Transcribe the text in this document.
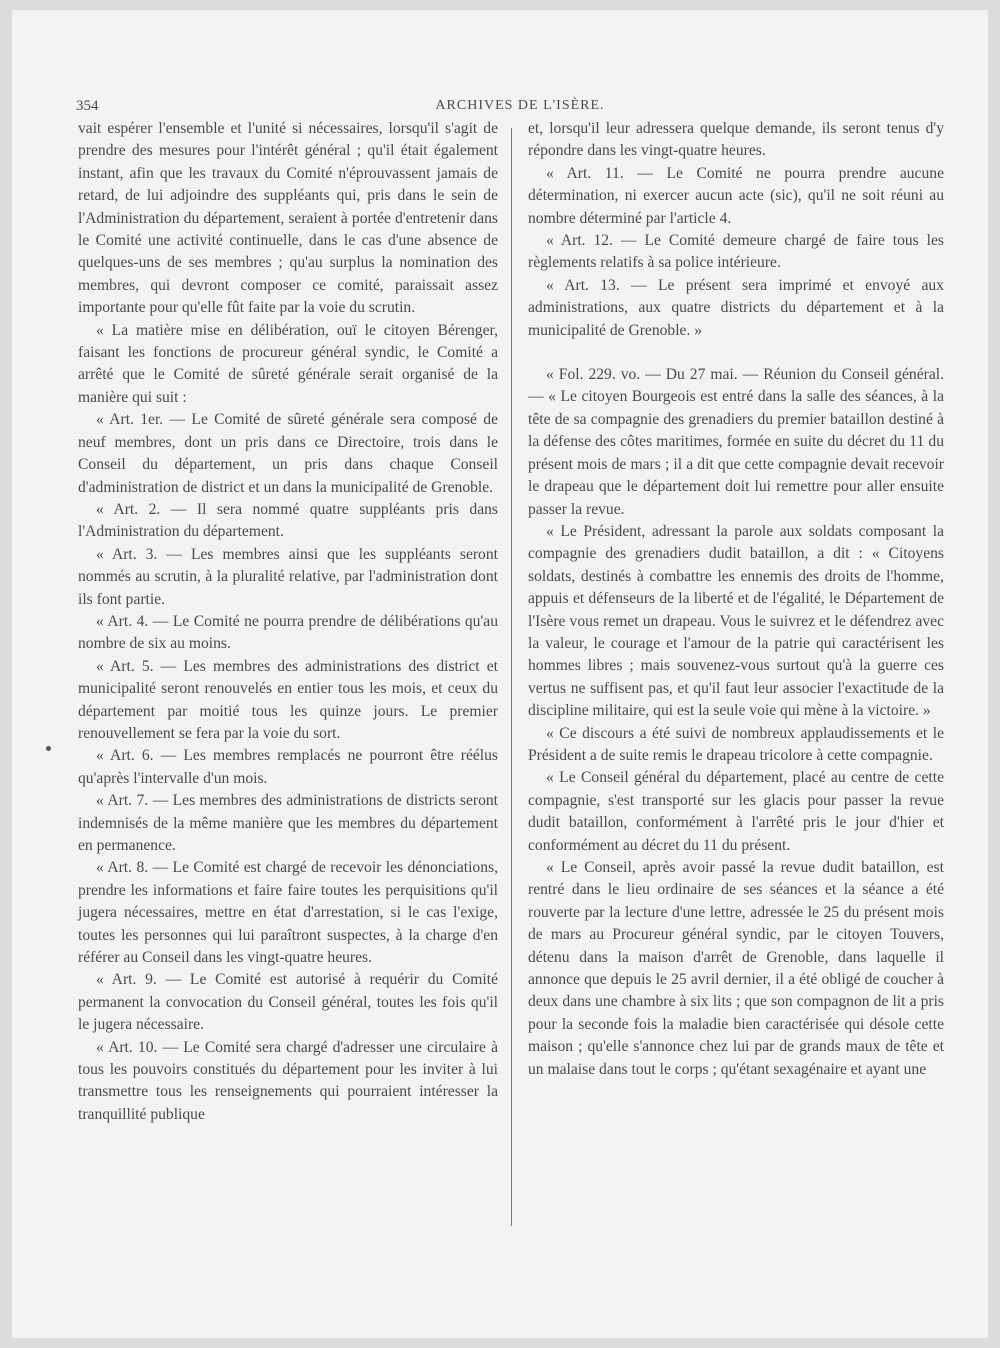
354	ARCHIVES DE L'ISÈRE.

vait espérer l'ensemble et l'unité si nécessaires, lorsqu'il s'agit de prendre des mesures pour l'intérêt général ; qu'il était également instant, afin que les travaux du Comité n'éprouvassent jamais de retard, de lui adjoindre des suppléants qui, pris dans le sein de l'Administration du département, seraient à portée d'entretenir dans le Comité une activité continuelle, dans le cas d'une absence de quelques-uns de ses membres ; qu'au surplus la nomination des membres, qui devront composer ce comité, paraissait assez importante pour qu'elle fût faite par la voie du scrutin.

« La matière mise en délibération, ouï le citoyen Bérenger, faisant les fonctions de procureur général syndic, le Comité a arrêté que le Comité de sûreté générale serait organisé de la manière qui suit :

« Art. 1er. — Le Comité de sûreté générale sera composé de neuf membres, dont un pris dans ce Directoire, trois dans le Conseil du département, un pris dans chaque Conseil d'administration de district et un dans la municipalité de Grenoble.

« Art. 2. — Il sera nommé quatre suppléants pris dans l'Administration du département.

« Art. 3. — Les membres ainsi que les suppléants seront nommés au scrutin, à la pluralité relative, par l'administration dont ils font partie.

« Art. 4. — Le Comité ne pourra prendre de délibérations qu'au nombre de six au moins.

« Art. 5. — Les membres des administrations des district et municipalité seront renouvelés en entier tous les mois, et ceux du département par moitié tous les quinze jours. Le premier renouvellement se fera par la voie du sort.

« Art. 6. — Les membres remplacés ne pourront être réélus qu'après l'intervalle d'un mois.

« Art. 7. — Les membres des administrations de districts seront indemnisés de la même manière que les membres du département en permanence.

« Art. 8. — Le Comité est chargé de recevoir les dénonciations, prendre les informations et faire faire toutes les perquisitions qu'il jugera nécessaires, mettre en état d'arrestation, si le cas l'exige, toutes les personnes qui lui paraîtront suspectes, à la charge d'en référer au Conseil dans les vingt-quatre heures.

« Art. 9. — Le Comité est autorisé à requérir du Comité permanent la convocation du Conseil général, toutes les fois qu'il le jugera nécessaire.

« Art. 10. — Le Comité sera chargé d'adresser une circulaire à tous les pouvoirs constitués du département pour les inviter à lui transmettre tous les renseignements qui pourraient intéresser la tranquillité publique

et, lorsqu'il leur adressera quelque demande, ils seront tenus d'y répondre dans les vingt-quatre heures.

« Art. 11. — Le Comité ne pourra prendre aucune détermination, ni exercer aucun acte (sic), qu'il ne soit réuni au nombre déterminé par l'article 4.

« Art. 12. — Le Comité demeure chargé de faire tous les règlements relatifs à sa police intérieure.

« Art. 13. — Le présent sera imprimé et envoyé aux administrations, aux quatre districts du département et à la municipalité de Grenoble. »

« Fol. 229. vo. — Du 27 mai. — Réunion du Conseil général. — « Le citoyen Bourgeois est entré dans la salle des séances, à la tête de sa compagnie des grenadiers du premier bataillon destiné à la défense des côtes maritimes, formée en suite du décret du 11 du présent mois de mars ; il a dit que cette compagnie devait recevoir le drapeau que le département doit lui remettre pour aller ensuite passer la revue.

« Le Président, adressant la parole aux soldats composant la compagnie des grenadiers dudit bataillon, a dit : « Citoyens soldats, destinés à combattre les ennemis des droits de l'homme, appuis et défenseurs de la liberté et de l'égalité, le Département de l'Isère vous remet un drapeau. Vous le suivrez et le défendrez avec la valeur, le courage et l'amour de la patrie qui caractérisent les hommes libres ; mais souvenez-vous surtout qu'à la guerre ces vertus ne suffisent pas, et qu'il faut leur associer l'exactitude de la discipline militaire, qui est la seule voie qui mène à la victoire. »

« Ce discours a été suivi de nombreux applaudissements et le Président a de suite remis le drapeau tricolore à cette compagnie.

« Le Conseil général du département, placé au centre de cette compagnie, s'est transporté sur les glacis pour passer la revue dudit bataillon, conformément à l'arrêté pris le jour d'hier et conformément au décret du 11 du présent.

« Le Conseil, après avoir passé la revue dudit bataillon, est rentré dans le lieu ordinaire de ses séances et la séance a été rouverte par la lecture d'une lettre, adressée le 25 du présent mois de mars au Procureur général syndic, par le citoyen Touvers, détenu dans la maison d'arrêt de Grenoble, dans laquelle il annonce que depuis le 25 avril dernier, il a été obligé de coucher à deux dans une chambre à six lits ; que son compagnon de lit a pris pour la seconde fois la maladie bien caractérisée qui désole cette maison ; qu'elle s'annonce chez lui par de grands maux de tête et un malaise dans tout le corps ; qu'étant sexagénaire et ayant une
